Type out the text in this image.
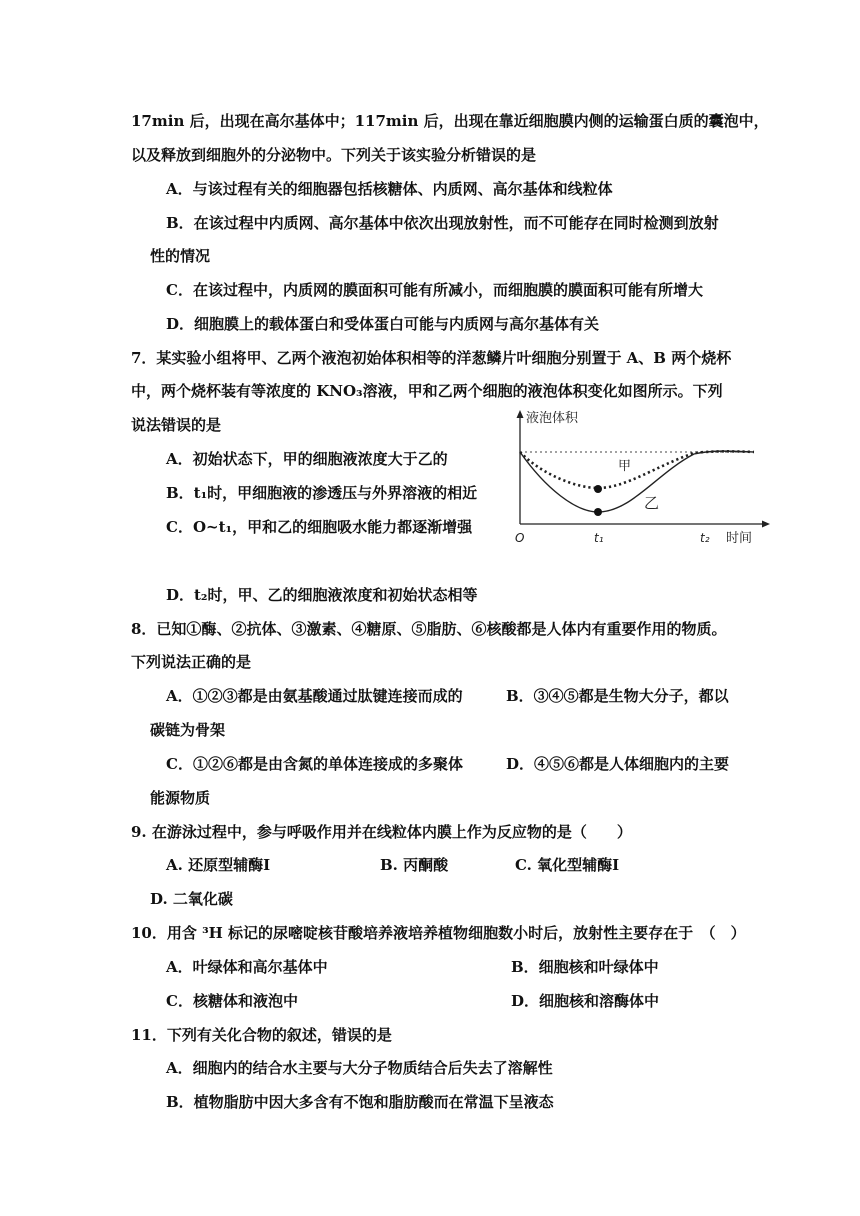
17min 后，出现在高尔基体中；117min 后，出现在靠近细胞膜内侧的运输蛋白质的囊泡中，
以及释放到细胞外的分泌物中。下列关于该实验分析错误的是
A．与该过程有关的细胞器包括核糖体、内质网、高尔基体和线粒体
B．在该过程中内质网、高尔基体中依次出现放射性，而不可能存在同时检测到放射
性的情况
C．在该过程中，内质网的膜面积可能有所减小，而细胞膜的膜面积可能有所增大
D．细胞膜上的载体蛋白和受体蛋白可能与内质网与高尔基体有关
7．某实验小组将甲、乙两个液泡初始体积相等的洋葱鳞片叶细胞分别置于 A、B 两个烧杯
中，两个烧杯装有等浓度的 KNO₃溶液，甲和乙两个细胞的液泡体积变化如图所示。下列
说法错误的是
A．初始状态下，甲的细胞液浓度大于乙的
B．t₁时，甲细胞液的渗透压与外界溶液的相近
C．O~t₁，甲和乙的细胞吸水能力都逐渐增强
D．t₂时，甲、乙的细胞液浓度和初始状态相等
液泡体积
甲
乙
O	t₁	t₂ 时间
8．已知①酶、②抗体、③激素、④糖原、⑤脂肪、⑥核酸都是人体内有重要作用的物质。
下列说法正确的是
A．①②③都是由氨基酸通过肽键连接而成的	B．③④⑤都是生物大分子，都以
碳链为骨架
C．①②⑥都是由含氮的单体连接成的多聚体	D．④⑤⑥都是人体细胞内的主要
能源物质
9. 在游泳过程中，参与呼吸作用并在线粒体内膜上作为反应物的是（　　）
A. 还原型辅酶Ⅰ	B. 丙酮酸	C. 氧化型辅酶Ⅰ
D. 二氧化碳
10．用含 ³H 标记的尿嘧啶核苷酸培养液培养植物细胞数小时后，放射性主要存在于　（　）
A．叶绿体和高尔基体中	B．细胞核和叶绿体中
C．核糖体和液泡中	D．细胞核和溶酶体中
11．下列有关化合物的叙述，错误的是
A．细胞内的结合水主要与大分子物质结合后失去了溶解性
B．植物脂肪中因大多含有不饱和脂肪酸而在常温下呈液态
